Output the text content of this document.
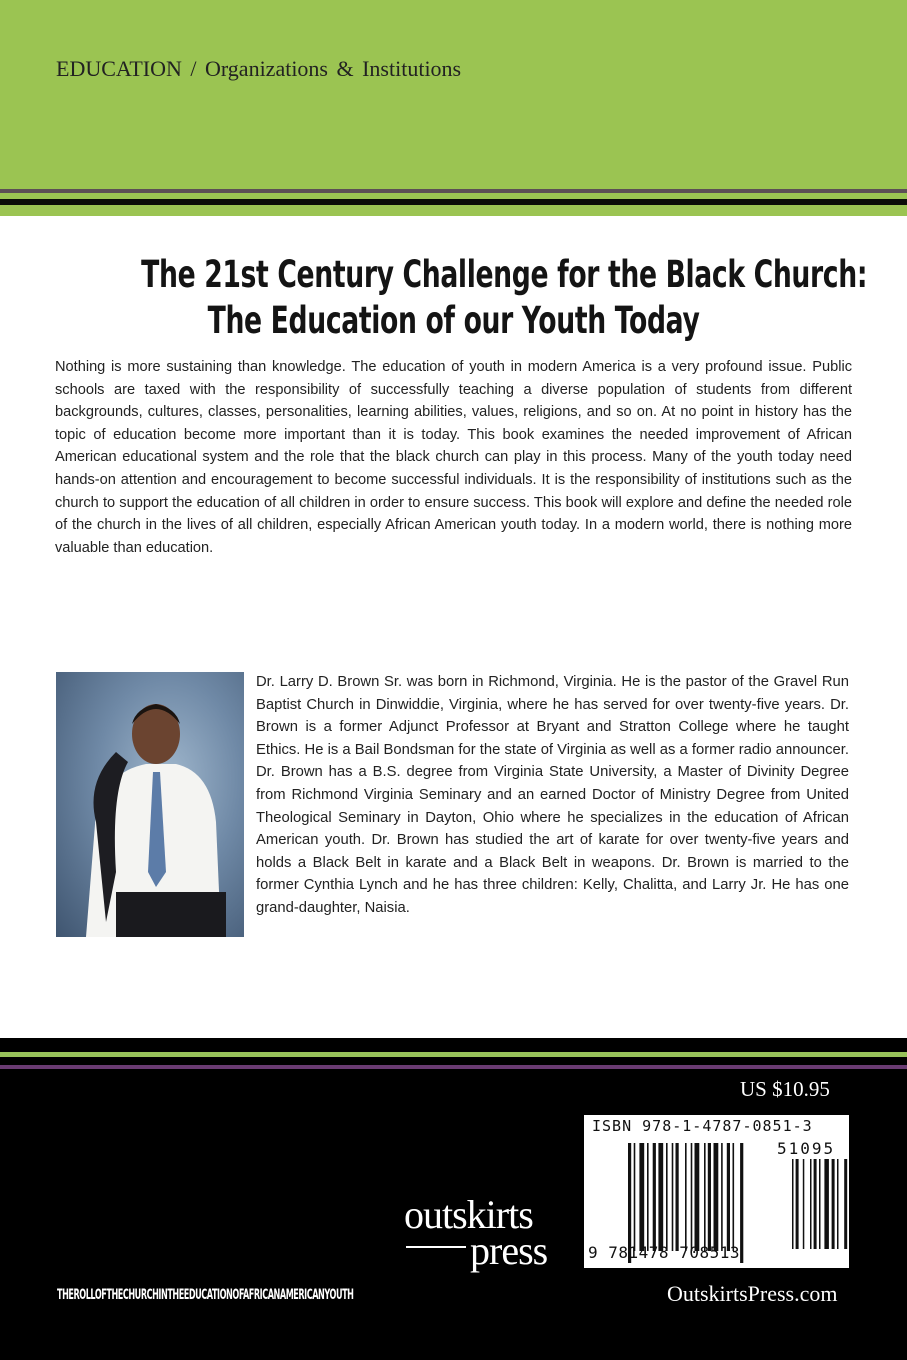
EDUCATION / Organizations & Institutions
The 21st Century Challenge for the Black Church:
The Education of our Youth Today

Nothing is more sustaining than knowledge. The education of youth in modern America is a very profound issue. Public schools are taxed with the responsibility of successfully teaching a diverse population of students from different backgrounds, cultures, classes, personalities, learning abilities, values, religions, and so on. At no point in history has the topic of education become more important than it is today. This book examines the needed improvement of African American educational system and the role that the black church can play in this process. Many of the youth today need hands-on attention and encouragement to become successful individuals. It is the responsibility of institutions such as the church to support the education of all children in order to ensure success. This book will explore and define the needed role of the church in the lives of all children, especially African American youth today. In a modern world, there is nothing more valuable than education.

Dr. Larry D. Brown Sr. was born in Richmond, Virginia. He is the pastor of the Gravel Run Baptist Church in Dinwiddie, Virginia, where he has served for over twenty-five years. Dr. Brown is a former Adjunct Professor at Bryant and Stratton College where he taught Ethics. He is a Bail Bondsman for the state of Virginia as well as a former radio announcer. Dr. Brown has a B.S. degree from Virginia State University, a Master of Divinity Degree from Richmond Virginia Seminary and an earned Doctor of Ministry Degree from United Theological Seminary in Dayton, Ohio where he specializes in the education of African American youth. Dr. Brown has studied the art of karate for over twenty-five years and holds a Black Belt in karate and a Black Belt in weapons. Dr. Brown is married to the former Cynthia Lynch and he has three children: Kelly, Chalitta, and Larry Jr. He has one grand-daughter, Naisia.

US $10.95
ISBN 978-1-4787-0851-3
51095
9 781478 708513
outskirts
press
THEROLLOFTHECHURCHINTHEEDUCATIONOFAFRICANAMERICANYOUTH	OutskirtsPress.com
